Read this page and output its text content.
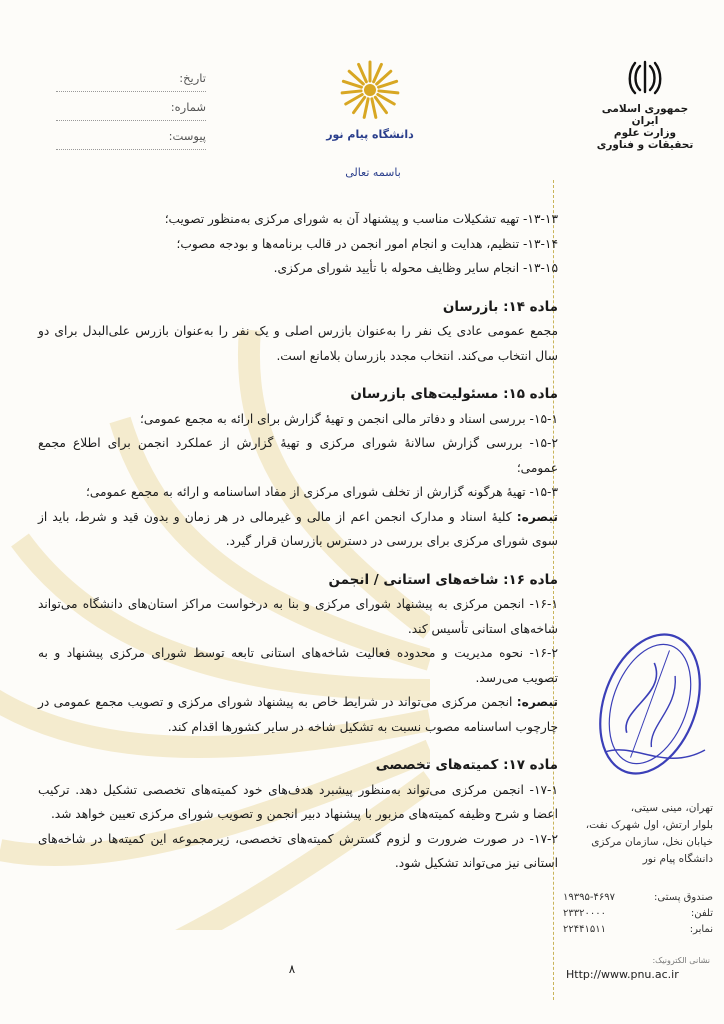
تاریخ:
شماره:
پیوست:	دانشگاه پیام نور
باسمه تعالی
جمهوری اسلامی ایران
وزارت علوم تحقیقات و فناوری

۱۳-۱۳- تهیه تشکیلات مناسب و پیشنهاد آن به شورای مرکزی به‌منظور تصویب؛

۱۳-۱۴- تنظیم، هدایت و انجام امور انجمن در قالب برنامه‌ها و بودجه مصوب؛

۱۳-۱۵- انجام سایر وظایف محوله با تأیید شورای مرکزی.

ماده ۱۴: بازرسان

مجمع عمومی عادی یک نفر را به‌عنوان بازرس اصلی و یک نفر را به‌عنوان بازرس علی‌البدل برای دو سال انتخاب می‌کند. انتخاب مجدد بازرسان بلامانع است.

ماده ۱۵: مسئولیت‌های بازرسان

۱۵-۱- بررسی اسناد و دفاتر مالی انجمن و تهیهٔ گزارش برای ارائه به مجمع عمومی؛

۱۵-۲- بررسی گزارش سالانهٔ شورای مرکزی و تهیهٔ گزارش از عملکرد انجمن برای اطلاع مجمع عمومی؛

۱۵-۳- تهیهٔ هرگونه گزارش از تخلف شورای مرکزی از مفاد اساسنامه و ارائه به مجمع عمومی؛

تبصره: کلیهٔ اسناد و مدارک انجمن اعم از مالی و غیرمالی در هر زمان و بدون قید و شرط، باید از سوی شورای مرکزی برای بررسی در دسترس بازرسان قرار گیرد.

ماده ۱۶: شاخه‌های استانی / انجمن

۱۶-۱- انجمن مرکزی به پیشنهاد شورای مرکزی و بنا به درخواست مراکز استان‌های دانشگاه می‌تواند شاخه‌های استانی تأسیس کند.

۱۶-۲- نحوه مدیریت و محدوده فعالیت شاخه‌های استانی تابعه توسط شورای مرکزی پیشنهاد و به تصویب می‌رسد.

تبصره: انجمن مرکزی می‌تواند در شرایط خاص به پیشنهاد شورای مرکزی و تصویب مجمع عمومی در چارچوب اساسنامه مصوب نسبت به تشکیل شاخه در سایر کشورها اقدام کند.

ماده ۱۷: کمیته‌های تخصصی

۱۷-۱- انجمن مرکزی می‌تواند به‌منظور پیشبرد هدف‌های خود کمیته‌های تخصصی تشکیل دهد. ترکیب اعضا و شرح وظیفه کمیته‌های مزبور با پیشنهاد دبیر انجمن و تصویب شورای مرکزی تعیین خواهد شد.

۱۷-۲- در صورت ضرورت و لزوم گسترش کمیته‌های تخصصی، زیرمجموعه این کمیته‌ها در شاخه‌های استانی نیز می‌تواند تشکیل شود.

تهران، مینی سیتی،
بلوار ارتش، اول شهرک نفت،
خیابان نخل، سازمان مرکزی
دانشگاه پیام نور
صندوق پستی:
۱۹۳۹۵-۴۶۹۷
تلفن:
۲۳۳۲۰۰۰۰
نمابر:
۲۲۴۴۱۵۱۱
نشانی الکترونیک:
Http://www.pnu.ac.ir
۸
